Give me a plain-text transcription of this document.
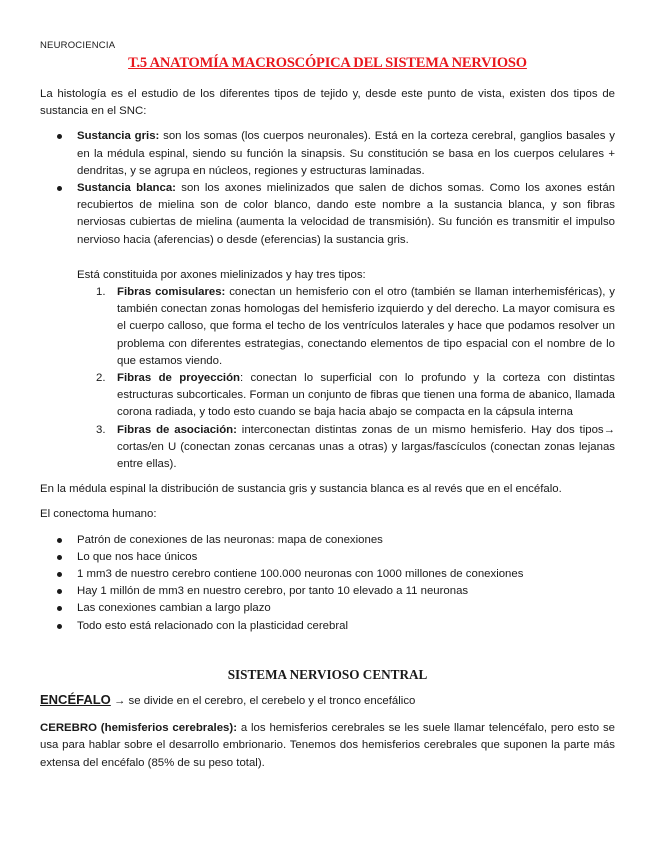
NEUROCIENCIA
T.5 ANATOMÍA MACROSCÓPICA DEL SISTEMA NERVIOSO

La histología es el estudio de los diferentes tipos de tejido y, desde este punto de vista, existen dos tipos de sustancia en el SNC:

Sustancia gris: son los somas (los cuerpos neuronales). Está en la corteza cerebral, ganglios basales y en la médula espinal, siendo su función la sinapsis. Su constitución se basa en los cuerpos celulares + dendritas, y se agrupa en núcleos, regiones y estructuras laminadas.
Sustancia blanca: son los axones mielinizados que salen de dichos somas. Como los axones están recubiertos de mielina son de color blanco, dando este nombre a la sustancia blanca, y son fibras nerviosas cubiertas de mielina (aumenta la velocidad de transmisión). Su función es transmitir el impulso nervioso hacia (aferencias) o desde (eferencias) la sustancia gris.

Está constituida por axones mielinizados y hay tres tipos:

1. Fibras comisulares: conectan un hemisferio con el otro (también se llaman interhemisféricas), y también conectan zonas homologas del hemisferio izquierdo y del derecho. La mayor comisura es el cuerpo calloso, que forma el techo de los ventrículos laterales y hace que podamos resolver un problema con diferentes estrategias, conectando elementos de tipo espacial con el nombre de lo que estamos viendo.
2. Fibras de proyección: conectan lo superficial con lo profundo y la corteza con distintas estructuras subcorticales. Forman un conjunto de fibras que tienen una forma de abanico, llamada corona radiada, y todo esto cuando se baja hacia abajo se compacta en la cápsula interna
3. Fibras de asociación: interconectan distintas zonas de un mismo hemisferio. Hay dos tipos→ cortas/en U (conectan zonas cercanas unas a otras) y largas/fascículos (conectan zonas lejanas entre ellas).

En la médula espinal la distribución de sustancia gris y sustancia blanca es al revés que en el encéfalo.

El conectoma humano:

Patrón de conexiones de las neuronas: mapa de conexiones
Lo que nos hace únicos
1 mm3 de nuestro cerebro contiene 100.000 neuronas con 1000 millones de conexiones
Hay 1 millón de mm3 en nuestro cerebro, por tanto 10 elevado a 11 neuronas
Las conexiones cambian a largo plazo
Todo esto está relacionado con la plasticidad cerebral
SISTEMA NERVIOSO CENTRAL
ENCÉFALO → se divide en el cerebro, el cerebelo y el tronco encefálico

CEREBRO (hemisferios cerebrales): a los hemisferios cerebrales se les suele llamar telencéfalo, pero esto se usa para hablar sobre el desarrollo embrionario. Tenemos dos hemisferios cerebrales que suponen la parte más extensa del encéfalo (85% de su peso total).
